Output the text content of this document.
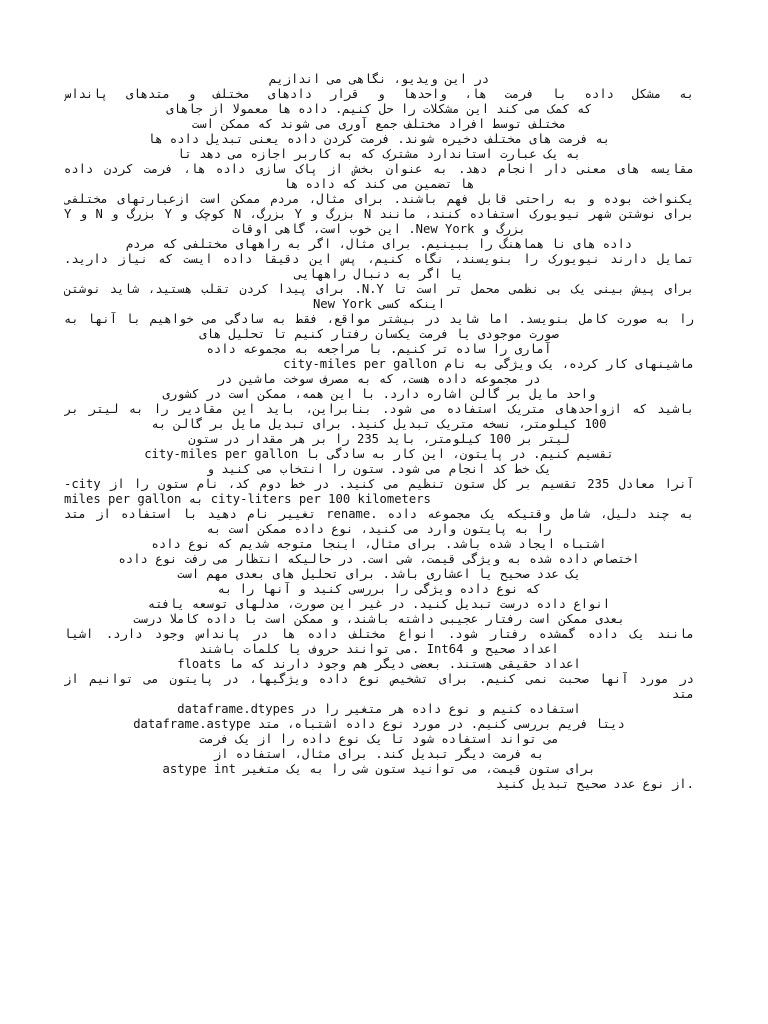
در این ویدیو، نگاهی می اندازیم
به مشکل داده با فرمت ها، واحدها و قرار دادهای مختلف و متدهای پانداس
که کمک می کند این مشکلات را حل کنیم. داده ها معمولا از جاهای
مختلف توسط افراد مختلف جمع آوری می شوند که ممکن است
به فرمت های مختلف دخیره شوند. فرمت کردن داده یعنی تبدیل داده ها
به یک عبارت استاندارد مشترک که به کاربر اجازه می دهد تا
مقایسه های معنی دار انجام دهد. به عنوان بخش از پاک سازی داده ها، فرمت کردن داده
ها تضمین می کند که داده ها
یکنواخت بوده و به راحتی قابل فهم باشند. برای مثال، مردم ممکن است ازعبارتهای مختلفی
برای نوشتن شهر نیویورک استفاده کنند، مانند N بزرگ و Y بزرگ، N کوچک و Y بزرگ و N و Y
بزرگ و New York. این خوب است، گاهی اوقات
داده های نا هماهنگ را ببینیم. برای مثال، اگر به راههای مختلفی که مردم
تمایل دارند نیویورک را بنویسند، نگاه کنیم، پس این دقیقا داده ایست که نیاز دارید.
یا اگر به دنبال راههایی
برای پیش بینی یک بی نظمی محمل تر است تا N.Y. برای پیدا کردن تقلب هستید، شاید نوشتن
اینکه کسی New York
را به صورت کامل بنویسد. اما شاید در بیشتر مواقع، فقط به سادگی می خواهیم با آنها به
صورت موجودی یا فرمت یکسان رفتار کنیم تا تحلیل های
آماری را ساده تر کنیم. با مراجعه به مجموعه داده
ماشینهای کار کرده، یک ویژگی به نام city-miles per gallon
در مجموعه داده هست، که به مصرف سوخت ماشین در
واحد مایل بر گالن اشاره دارد. با این همه، ممکن است در کشوری
باشید که ازواحدهای متریک استفاده می شود. بنابراین، باید این مقادیر را به لیتر بر
100 کیلومتر، نسخه متریک تبدیل کنید. برای تبدیل مایل بر گالن به
لیتر بر 100 کیلومتر، باید 235 را بر هر مقدار در ستون
city-miles per gallon تقسیم کنیم. در پایتون، این کار به سادگی با
یک خط کد انجام می شود. ستون را انتخاب می کنید و
آنرا معادل 235 تقسیم بر کل ستون تنظیم می کنید. در خط دوم کد، نام ستون را از city-
miles per gallon به city-liters per 100 kilometers
به چند دلیل، شامل وقتیکه یک مجموعه داده .rename تغییر نام دهید با استفاده از متد
را به پایتون وارد می کنید، نوع داده ممکن است به
اشتباه ایجاد شده باشد. برای مثال، اینجا متوجه شدیم که نوع داده
اختصاص داده شده به ویژگی قیمت، شی است. در حالیکه انتظار می رفت نوع داده
یک عدد صحیح یا اعشاری باشد. برای تحلیل های بعدی مهم است
که نوع داده ویژگی را بررسی کنید و آنها را به
انواع داده درست تبدیل کنید. در غیر این صورت، مدلهای توسعه یافته
بعدی ممکن است رفتار عجیبی داشته باشند، و ممکن است با داده کاملا درست
مانند یک داده گمشده رفتار شود. انواع مختلف داده ها در پانداس وجود دارد. اشیا
اعداد صحیح و Int64 .می توانند حروف یا کلمات باشند
اعداد حقیقی هستند. بعضی دیگر هم وجود دارند که ما floats
در مورد آنها صحبت نمی کنیم. برای تشخیص نوع داده ویژگیها، در پایتون می توانیم از
متد
استفاده کنیم و نوع داده هر متغیر را در dataframe.dtypes
دیتا فریم بررسی کنیم. در مورد نوع داده اشتباه، متد dataframe.astype
می تواند استفاده شود تا یک نوع داده را از یک فرمت
به فرمت دیگر تبدیل کند. برای مثال، استفاده از
برای ستون قیمت، می توانید ستون شی را به یک متغیر astype int
.از نوع عدد صحیح تبدیل کنید
